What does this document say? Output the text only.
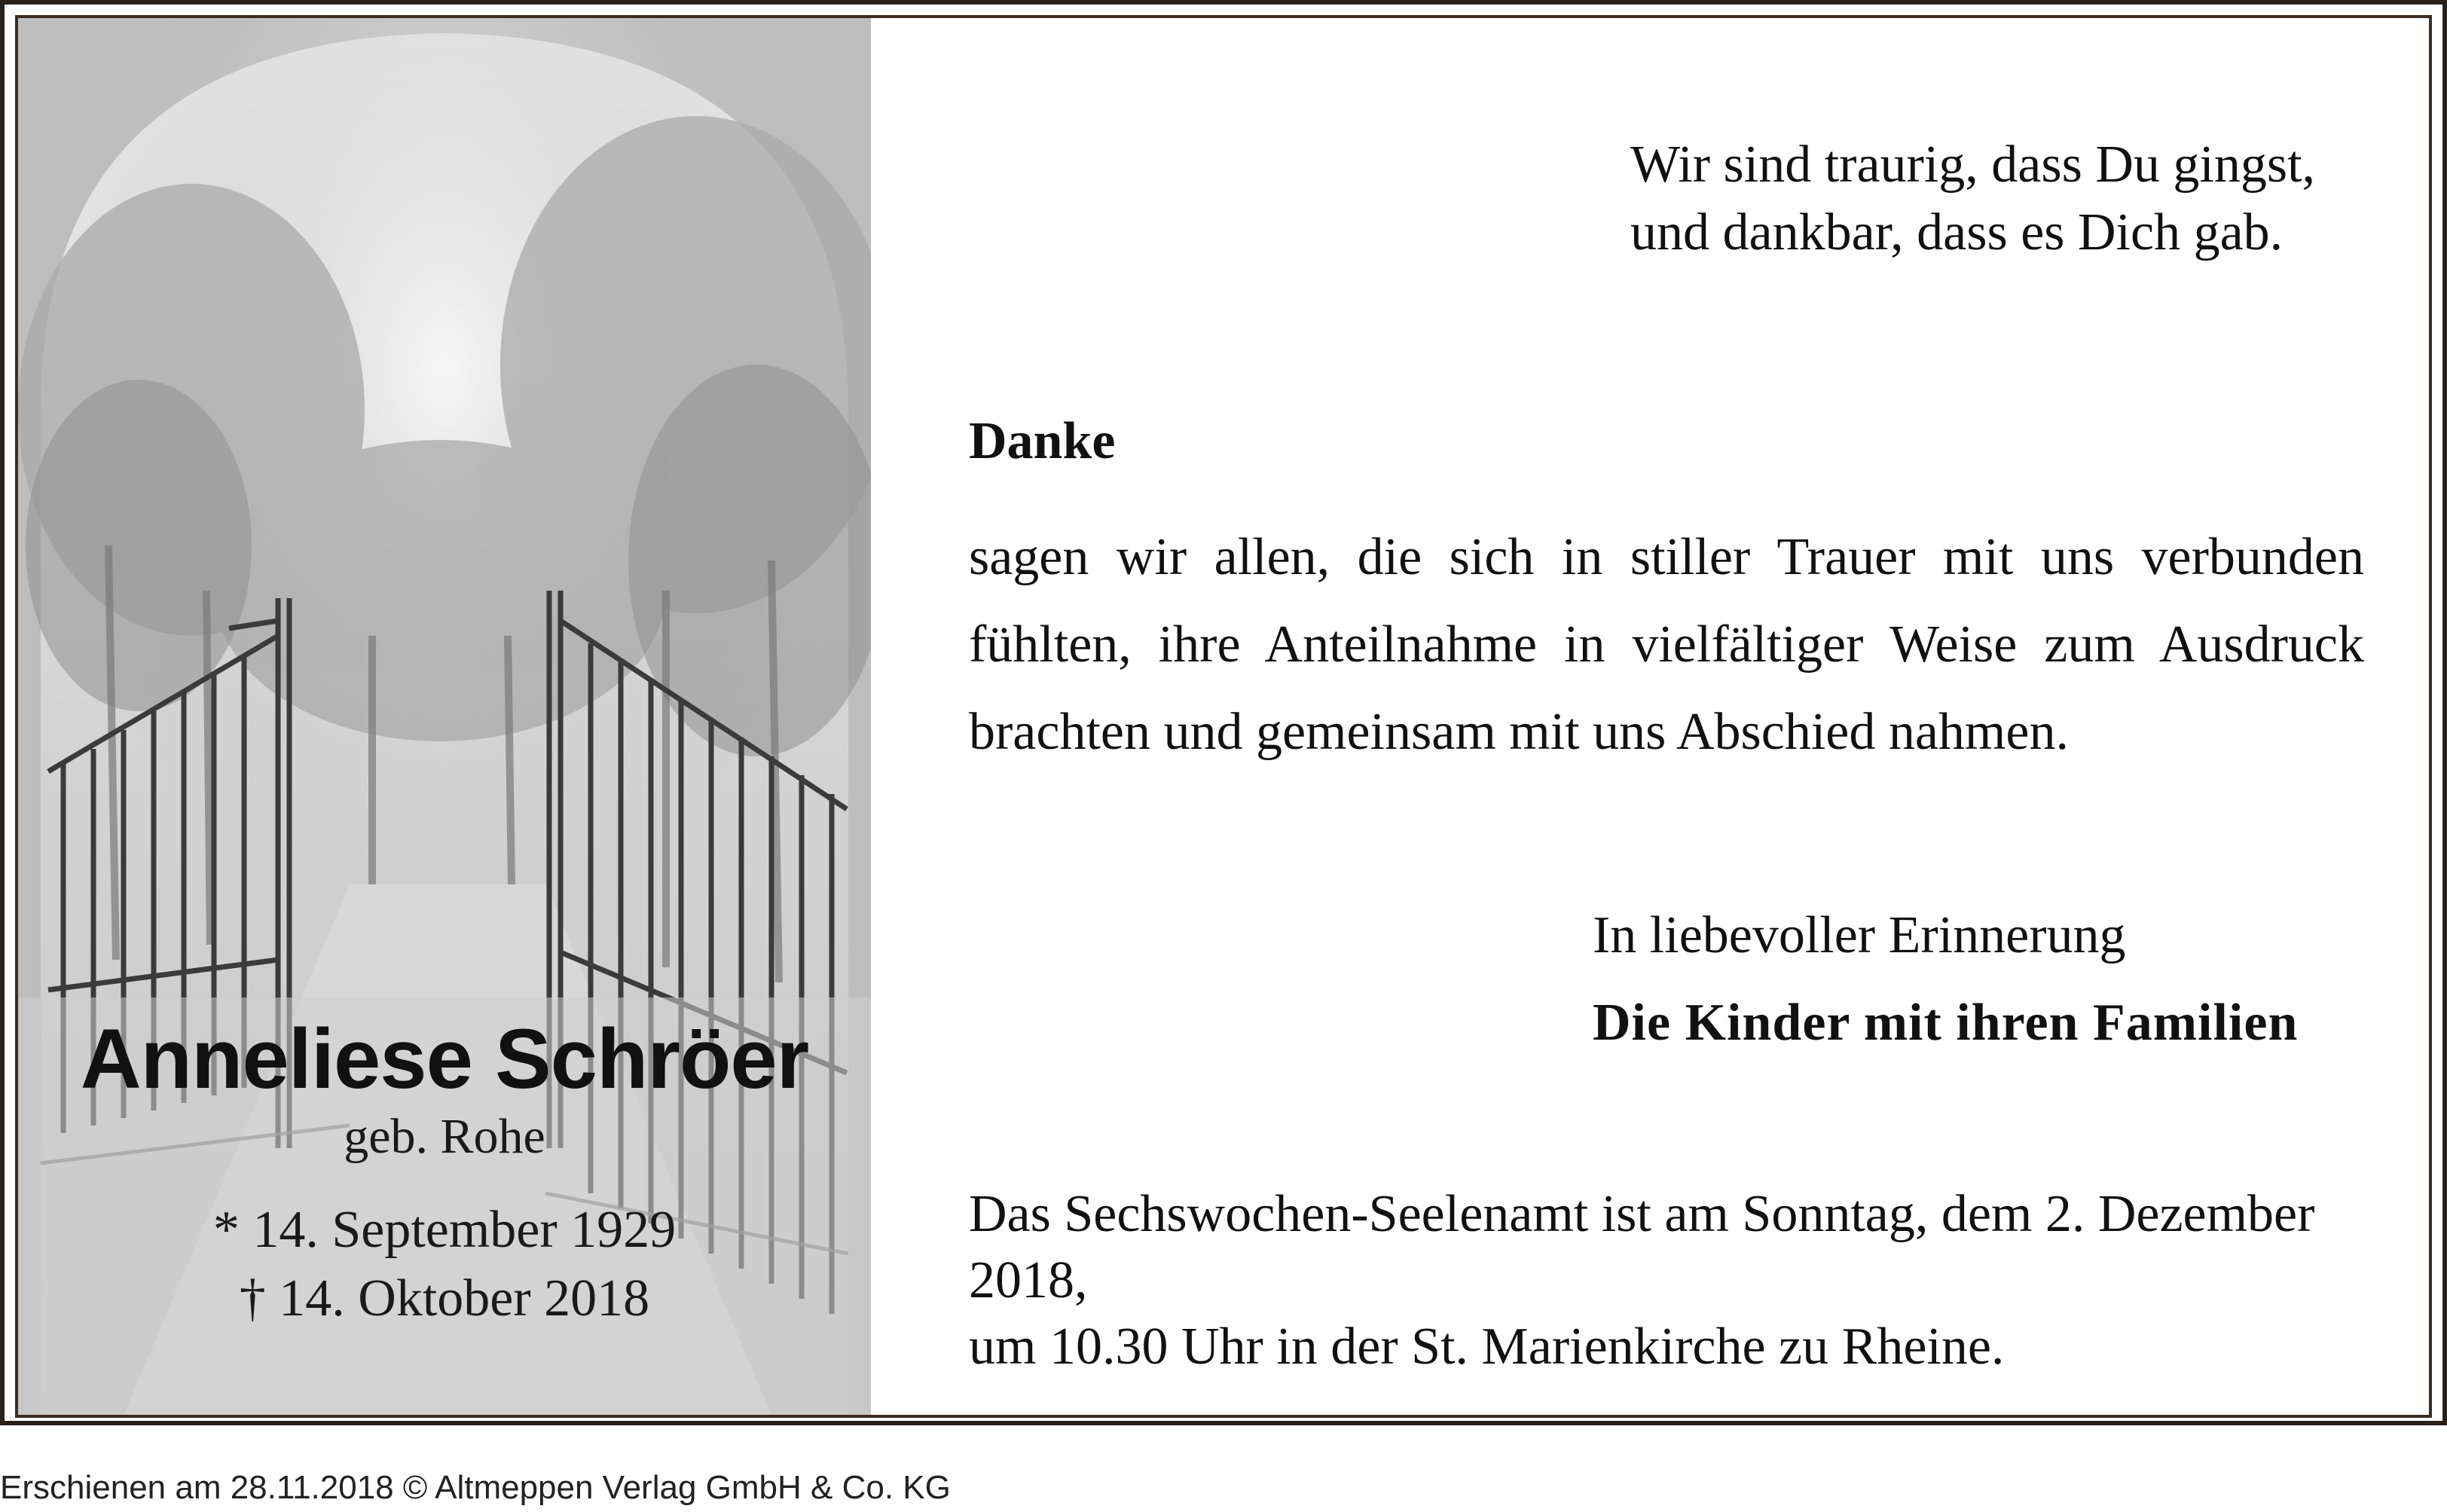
Anneliese Schröer
geb. Rohe
* 14. September 1929
† 14. Oktober 2018
Wir sind traurig, dass Du gingst,
und dankbar, dass es Dich gab.
Danke
sagen wir allen, die sich in stiller Trauer mit uns verbunden
fühlten, ihre Anteilnahme in vielfältiger Weise zum Ausdruck
brachten und gemeinsam mit uns Abschied nahmen.
In liebevoller Erinnerung
Die Kinder mit ihren Familien
Das Sechswochen-Seelenamt ist am Sonntag, dem 2. Dezember 2018,
um 10.30 Uhr in der St. Marienkirche zu Rheine.
Erschienen am 28.11.2018 © Altmeppen Verlag GmbH & Co. KG
